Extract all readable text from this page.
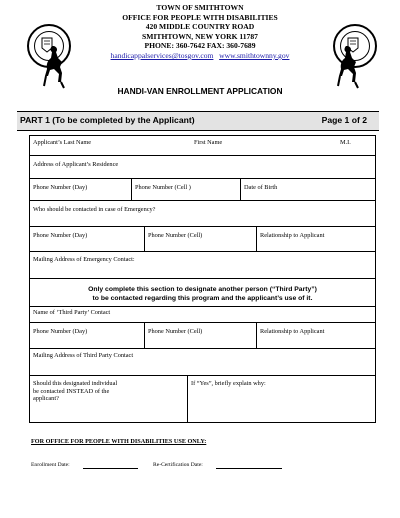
TOWN OF SMITHTOWN
OFFICE FOR PEOPLE WITH DISABILITIES
420 MIDDLE COUNTRY ROAD
SMITHTOWN, NEW YORK 11787
PHONE: 360-7642 FAX: 360-7689
handicappalservices@tosgov.com www.smithtownny.gov
HANDI-VAN ENROLLMENT APPLICATION
PART 1 (To be completed by the Applicant)	Page 1 of 2
Applicant’s Last Name	First Name	M.I.
Address of Applicant’s Residence
Phone Number (Day)	Phone Number (Cell )	Date of Birth
Who should be contacted in case of Emergency?
Phone Number (Day)	Phone Number (Cell)	Relationship to Applicant
Mailing Address of Emergency Contact:
Only complete this section to designate another person (“Third Party”)
to be contacted regarding this program and the applicant’s use of it.
Name of ‘Third Party’ Contact
Phone Number (Day)	Phone Number (Cell)	Relationship to Applicant
Mailing Address of Third Party Contact
Should this designated individual
be contacted INSTEAD of the
applicant?
If “Yes”, briefly explain why:
FOR OFFICE FOR PEOPLE WITH DISABILITIES USE ONLY:
Enrollment Date:	Re-Certification Date:
